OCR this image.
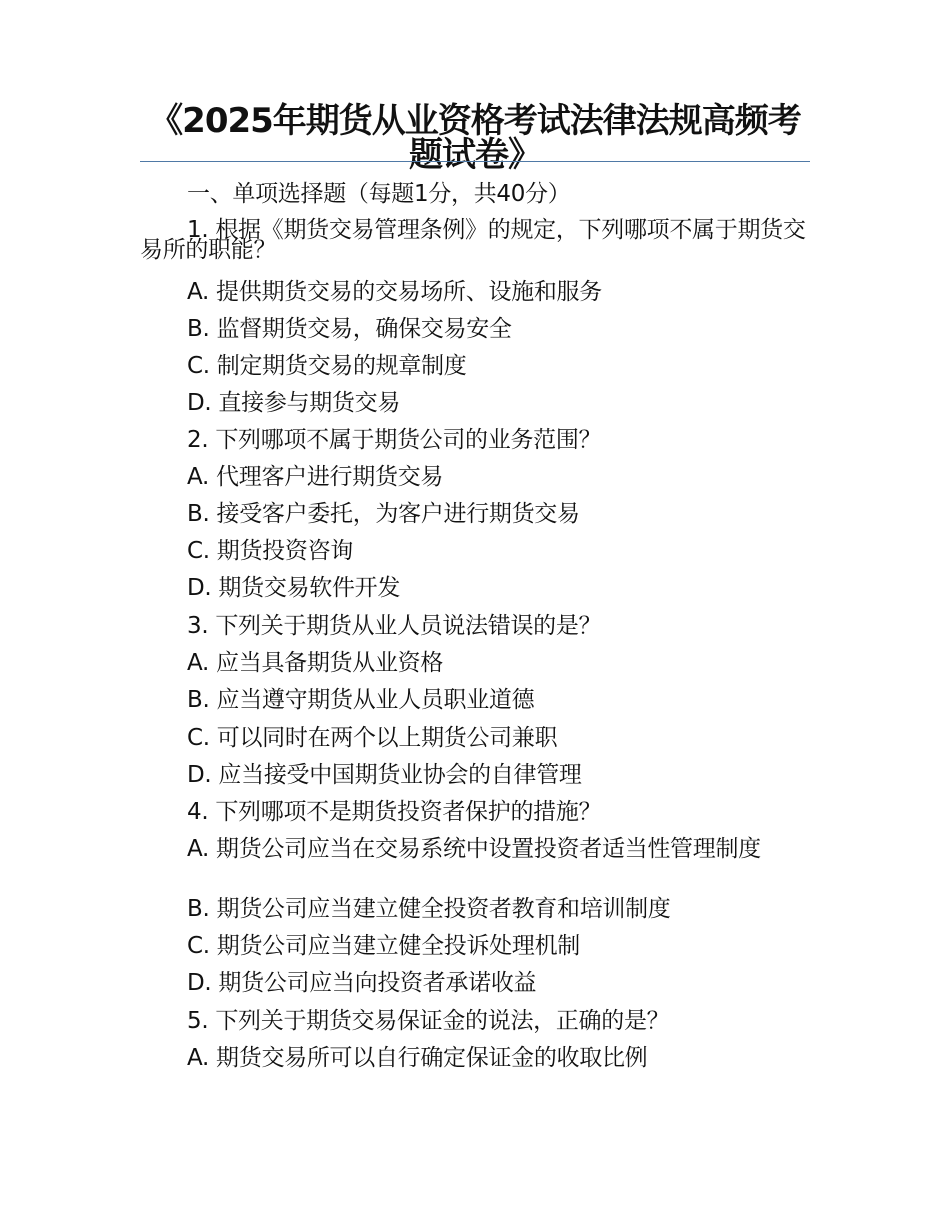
《2025年期货从业资格考试法律法规高频考题试卷》
一、单项选择题（每题1分，共40分）
1. 根据《期货交易管理条例》的规定，下列哪项不属于期货交易所的职能？
A. 提供期货交易的交易场所、设施和服务
B. 监督期货交易，确保交易安全
C. 制定期货交易的规章制度
D. 直接参与期货交易
2. 下列哪项不属于期货公司的业务范围？
A. 代理客户进行期货交易
B. 接受客户委托，为客户进行期货交易
C. 期货投资咨询
D. 期货交易软件开发
3. 下列关于期货从业人员说法错误的是？
A. 应当具备期货从业资格
B. 应当遵守期货从业人员职业道德
C. 可以同时在两个以上期货公司兼职
D. 应当接受中国期货业协会的自律管理
4. 下列哪项不是期货投资者保护的措施？
A. 期货公司应当在交易系统中设置投资者适当性管理制度
B. 期货公司应当建立健全投资者教育和培训制度
C. 期货公司应当建立健全投诉处理机制
D. 期货公司应当向投资者承诺收益
5. 下列关于期货交易保证金的说法，正确的是？
A. 期货交易所可以自行确定保证金的收取比例
